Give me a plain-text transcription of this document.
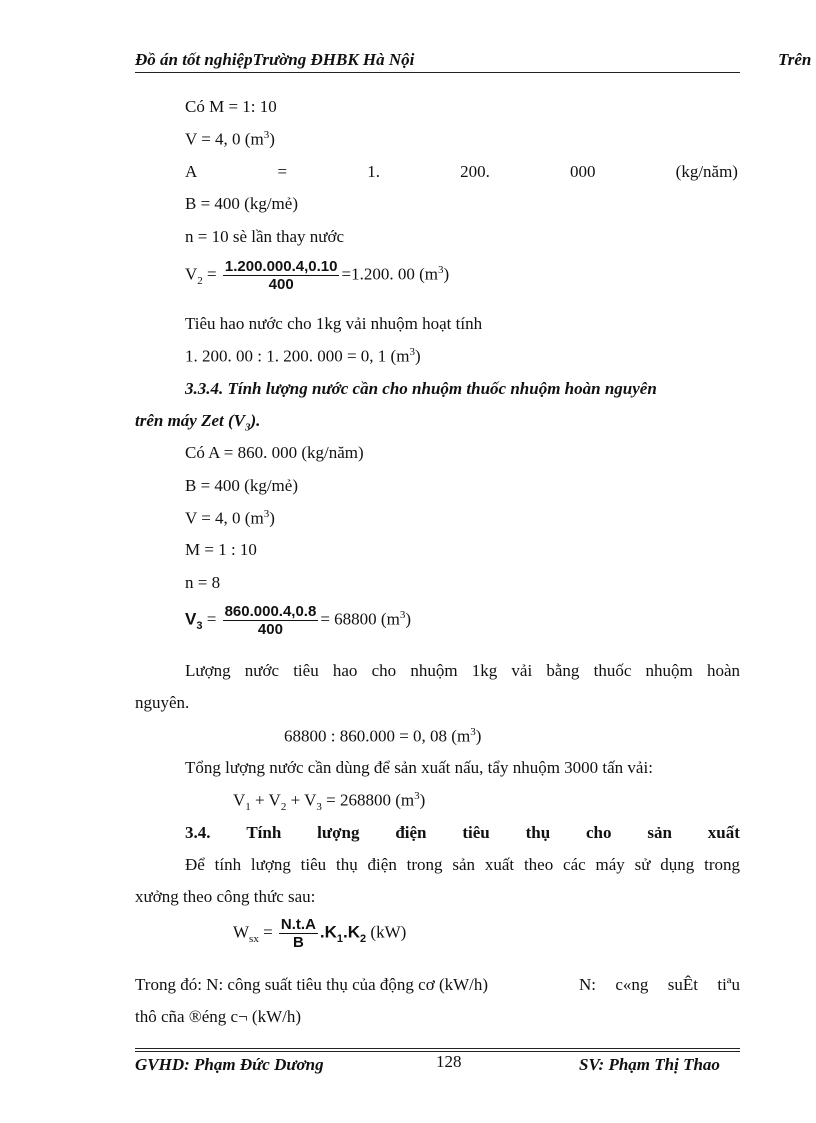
Đồ án tốt nghiệpTrường ĐHBK Hà Nội	Trên
Có M = 1: 10
V = 4, 0 $(m^3)$
A	=	1.	200.	000	(kg/năm)
B = 400 (kg/mẻ)
n = 10 sè lần thay nước
$V_2 = \frac{1.200.000.4,0.10}{400} =1.200$. 00 $(m^3)$
Tiêu hao nước cho 1kg vải nhuộm hoạt tính
1. 200. 00 : 1. 200. 000 = 0, 1 $(m^3)$
3.3.4. Tính lượng nước cần cho nhuộm thuốc nhuộm hoàn nguyên
trên máy Zet $(V_3)$.
Có A = 860. 000 (kg/năm)
B = 400 (kg/mẻ)
V = 4, 0 $(m^3)$
M = 1 : 10
n = 8
$V_3 = \frac{860.000.4,0.8}{400} = 68800$ $(m^3)$
Lượng nước tiêu hao cho nhuộm 1kg vải bằng thuốc nhuộm hoàn
nguyên.
68800 : 860.000 = 0, 08 $(m^3)$
Tổng lượng nước cần dùng để sản xuất nấu, tẩy nhuộm 3000 tấn vải:
$V_1 + V_2 + V_3 = 268800$ $(m^3)$
3.4. Tính lượng điện tiêu thụ cho sản xuất
Để tính lượng tiêu thụ điện trong sản xuất theo các máy sử dụng trong
xưởng theo công thức sau:
$W_{sx} = \frac{N.t.A}{B} .K_1.K_2$ (kW)
Trong đó: N: công suất tiêu thụ của động cơ (kW/h)	N: c«ng suÊt tiªu
thô cña ®éng c¬ (kW/h)
GVHD: Phạm Đức Dương	128	SV: Phạm Thị Thao
